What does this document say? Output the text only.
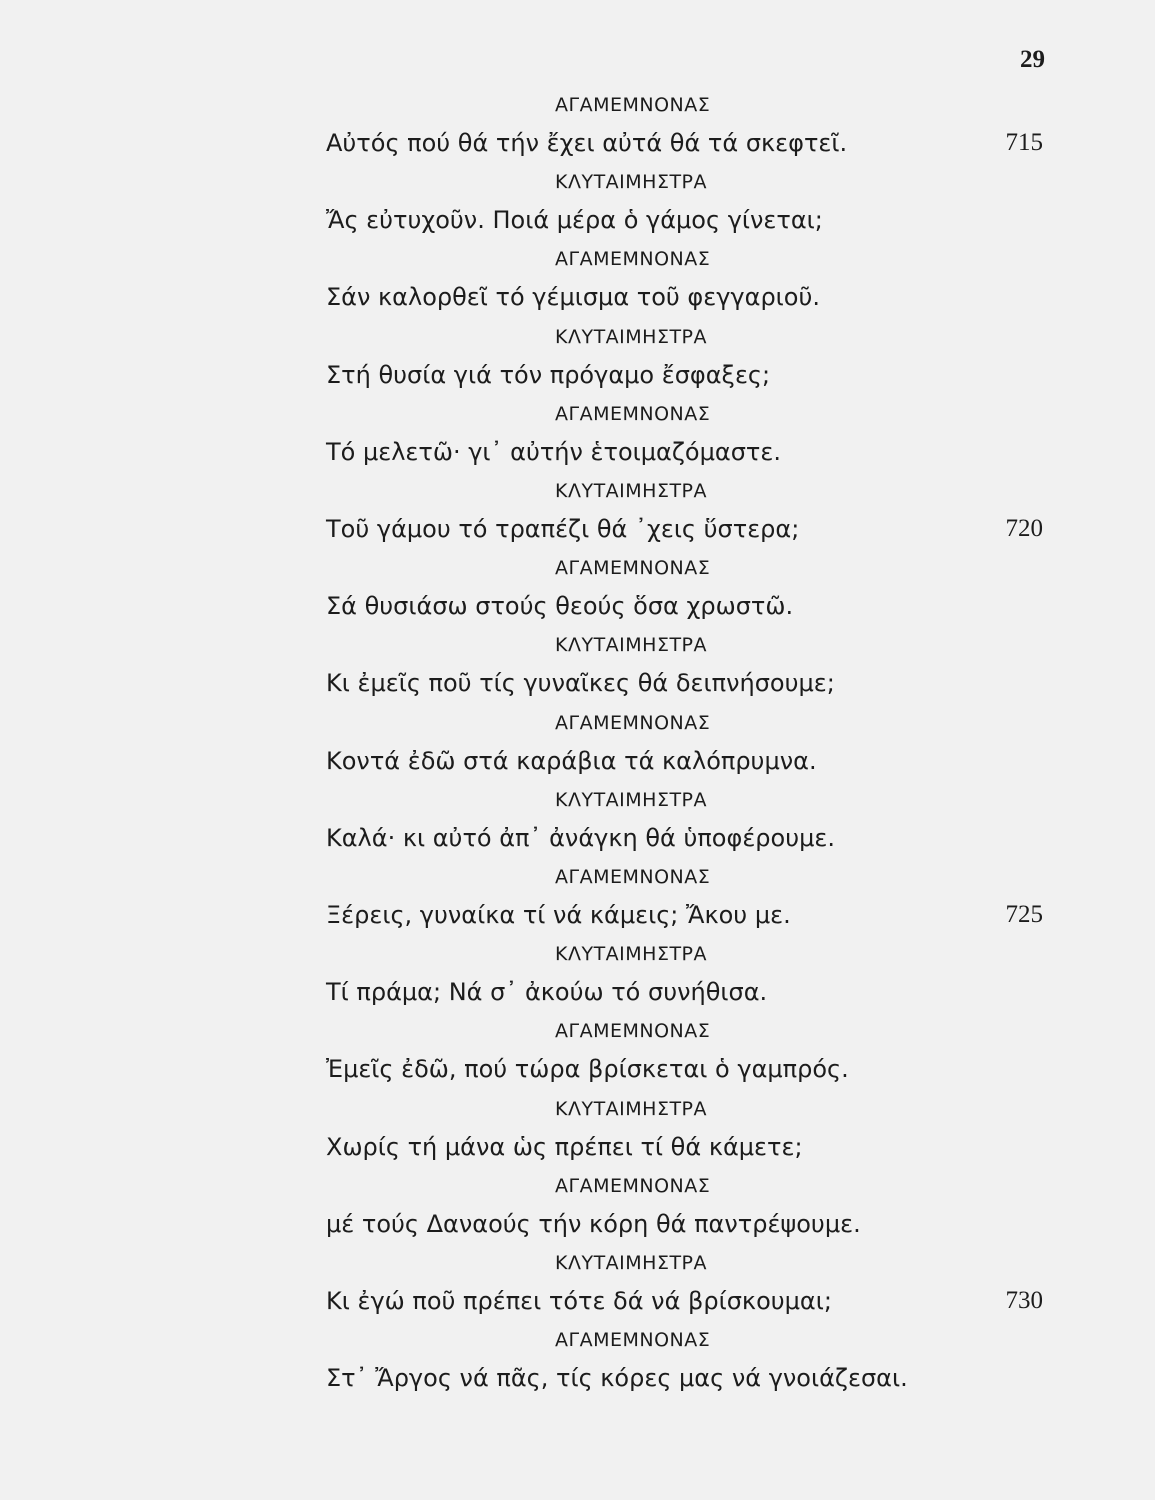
29
ΑΓΑΜΕΜΝΟΝΑΣ
Αὐτός πού θά τήν ἔχει αὐτά θά τά σκεφτεῖ.	715
ΚΛΥΤΑΙΜΗΣΤΡΑ
Ἄς εὐτυχοῦν. Ποιά μέρα ὁ γάμος γίνεται;
ΑΓΑΜΕΜΝΟΝΑΣ
Σάν καλορθεῖ τό γέμισμα τοῦ φεγγαριοῦ.
ΚΛΥΤΑΙΜΗΣΤΡΑ
Στή θυσία γιά τόν πρόγαμο ἔσφαξες;
ΑΓΑΜΕΜΝΟΝΑΣ
Τό μελετῶ· γι᾽ αὐτήν ἑτοιμαζόμαστε.
ΚΛΥΤΑΙΜΗΣΤΡΑ
Τοῦ γάμου τό τραπέζι θά ᾽χεις ὕστερα;	720
ΑΓΑΜΕΜΝΟΝΑΣ
Σά θυσιάσω στούς θεούς ὅσα χρωστῶ.
ΚΛΥΤΑΙΜΗΣΤΡΑ
Κι ἐμεῖς ποῦ τίς γυναῖκες θά δειπνήσουμε;
ΑΓΑΜΕΜΝΟΝΑΣ
Κοντά ἐδῶ στά καράβια τά καλόπρυμνα.
ΚΛΥΤΑΙΜΗΣΤΡΑ
Καλά· κι αὐτό ἀπ᾽ ἀνάγκη θά ὑποφέρουμε.
ΑΓΑΜΕΜΝΟΝΑΣ
Ξέρεις, γυναίκα τί νά κάμεις; Ἄκου με.	725
ΚΛΥΤΑΙΜΗΣΤΡΑ
Τί πράμα; Νά σ᾽ ἀκούω τό συνήθισα.
ΑΓΑΜΕΜΝΟΝΑΣ
Ἐμεῖς ἐδῶ, πού τώρα βρίσκεται ὁ γαμπρός.
ΚΛΥΤΑΙΜΗΣΤΡΑ
Χωρίς τή μάνα ὡς πρέπει τί θά κάμετε;
ΑΓΑΜΕΜΝΟΝΑΣ
μέ τούς Δαναούς τήν κόρη θά παντρέψουμε.
ΚΛΥΤΑΙΜΗΣΤΡΑ
Κι ἐγώ ποῦ πρέπει τότε δά νά βρίσκουμαι;	730
ΑΓΑΜΕΜΝΟΝΑΣ
Στ᾽ Ἄργος νά πᾶς, τίς κόρες μας νά γνοιάζεσαι.
